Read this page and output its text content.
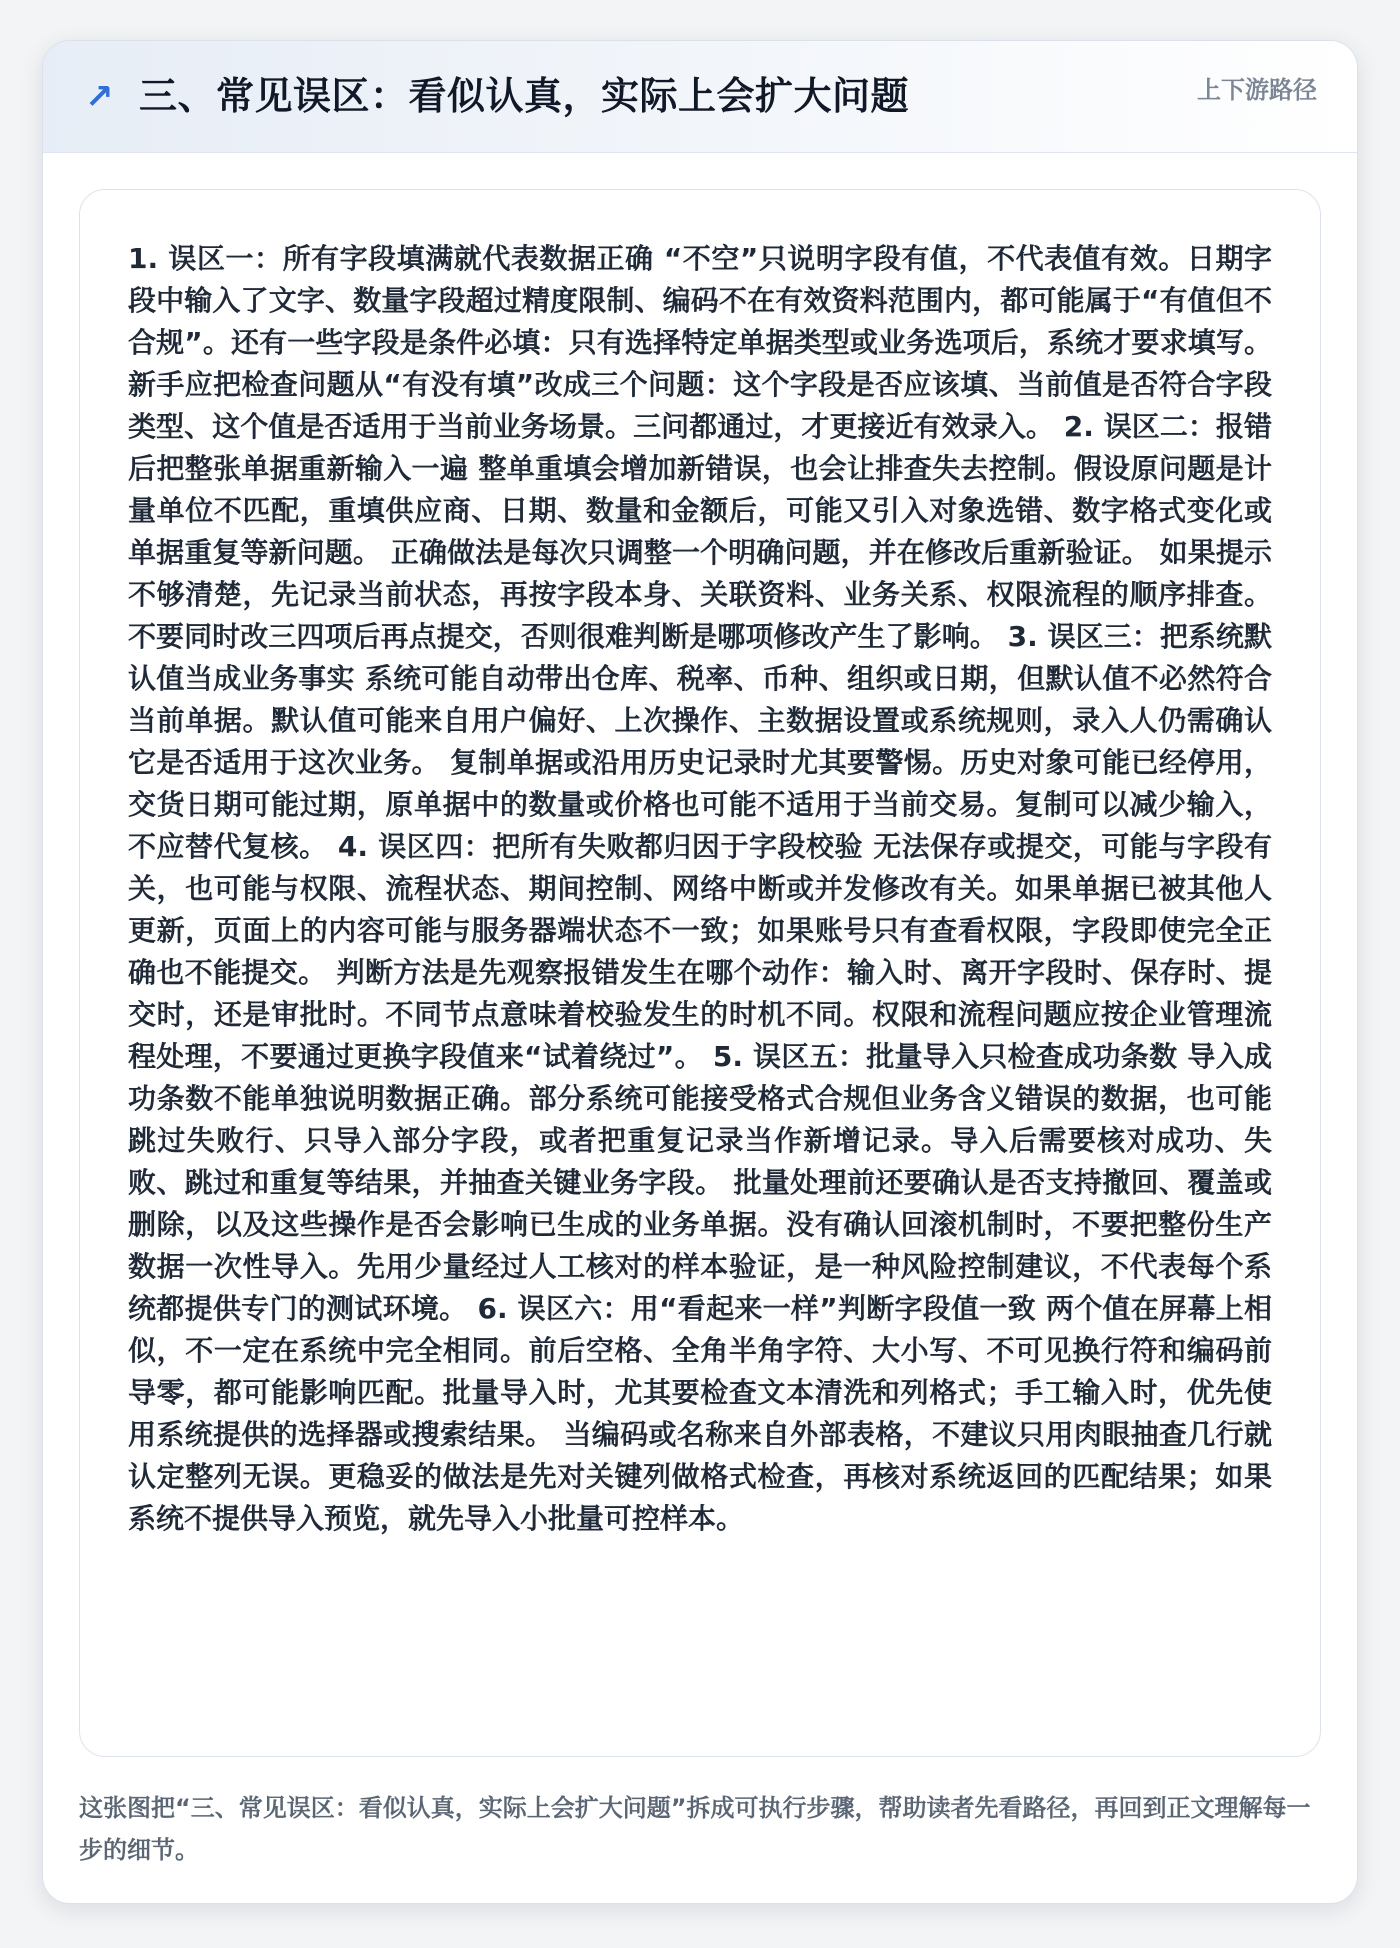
↗ 三、常见误区：看似认真，实际上会扩大问题	上下游路径

1. 误区一：所有字段填满就代表数据正确 “不空”只说明字段有值，不代表值有效。日期字段中输入了文字、数量字段超过精度限制、编码不在有效资料范围内，都可能属于“有值但不合规”。还有一些字段是条件必填：只有选择特定单据类型或业务选项后，系统才要求填写。 新手应把检查问题从“有没有填”改成三个问题：这个字段是否应该填、当前值是否符合字段类型、这个值是否适用于当前业务场景。三问都通过，才更接近有效录入。 2. 误区二：报错后把整张单据重新输入一遍 整单重填会增加新错误，也会让排查失去控制。假设原问题是计量单位不匹配，重填供应商、日期、数量和金额后，可能又引入对象选错、数字格式变化或单据重复等新问题。 正确做法是每次只调整一个明确问题，并在修改后重新验证。 如果提示不够清楚，先记录当前状态，再按字段本身、关联资料、业务关系、权限流程的顺序排查。不要同时改三四项后再点提交，否则很难判断是哪项修改产生了影响。 3. 误区三：把系统默认值当成业务事实 系统可能自动带出仓库、税率、币种、组织或日期，但默认值不必然符合当前单据。默认值可能来自用户偏好、上次操作、主数据设置或系统规则，录入人仍需确认它是否适用于这次业务。 复制单据或沿用历史记录时尤其要警惕。历史对象可能已经停用，交货日期可能过期，原单据中的数量或价格也可能不适用于当前交易。复制可以减少输入，不应替代复核。 4. 误区四：把所有失败都归因于字段校验 无法保存或提交，可能与字段有关，也可能与权限、流程状态、期间控制、网络中断或并发修改有关。如果单据已被其他人更新，页面上的内容可能与服务器端状态不一致；如果账号只有查看权限，字段即使完全正确也不能提交。 判断方法是先观察报错发生在哪个动作：输入时、离开字段时、保存时、提交时，还是审批时。不同节点意味着校验发生的时机不同。权限和流程问题应按企业管理流程处理，不要通过更换字段值来“试着绕过”。 5. 误区五：批量导入只检查成功条数 导入成功条数不能单独说明数据正确。部分系统可能接受格式合规但业务含义错误的数据，也可能跳过失败行、只导入部分字段，或者把重复记录当作新增记录。导入后需要核对成功、失败、跳过和重复等结果，并抽查关键业务字段。 批量处理前还要确认是否支持撤回、覆盖或删除，以及这些操作是否会影响已生成的业务单据。没有确认回滚机制时，不要把整份生产数据一次性导入。先用少量经过人工核对的样本验证，是一种风险控制建议，不代表每个系统都提供专门的测试环境。 6. 误区六：用“看起来一样”判断字段值一致 两个值在屏幕上相似，不一定在系统中完全相同。前后空格、全角半角字符、大小写、不可见换行符和编码前导零，都可能影响匹配。批量导入时，尤其要检查文本清洗和列格式；手工输入时，优先使用系统提供的选择器或搜索结果。 当编码或名称来自外部表格，不建议只用肉眼抽查几行就认定整列无误。更稳妥的做法是先对关键列做格式检查，再核对系统返回的匹配结果；如果系统不提供导入预览，就先导入小批量可控样本。

这张图把“三、常见误区：看似认真，实际上会扩大问题”拆成可执行步骤，帮助读者先看路径，再回到正文理解每一步的细节。
